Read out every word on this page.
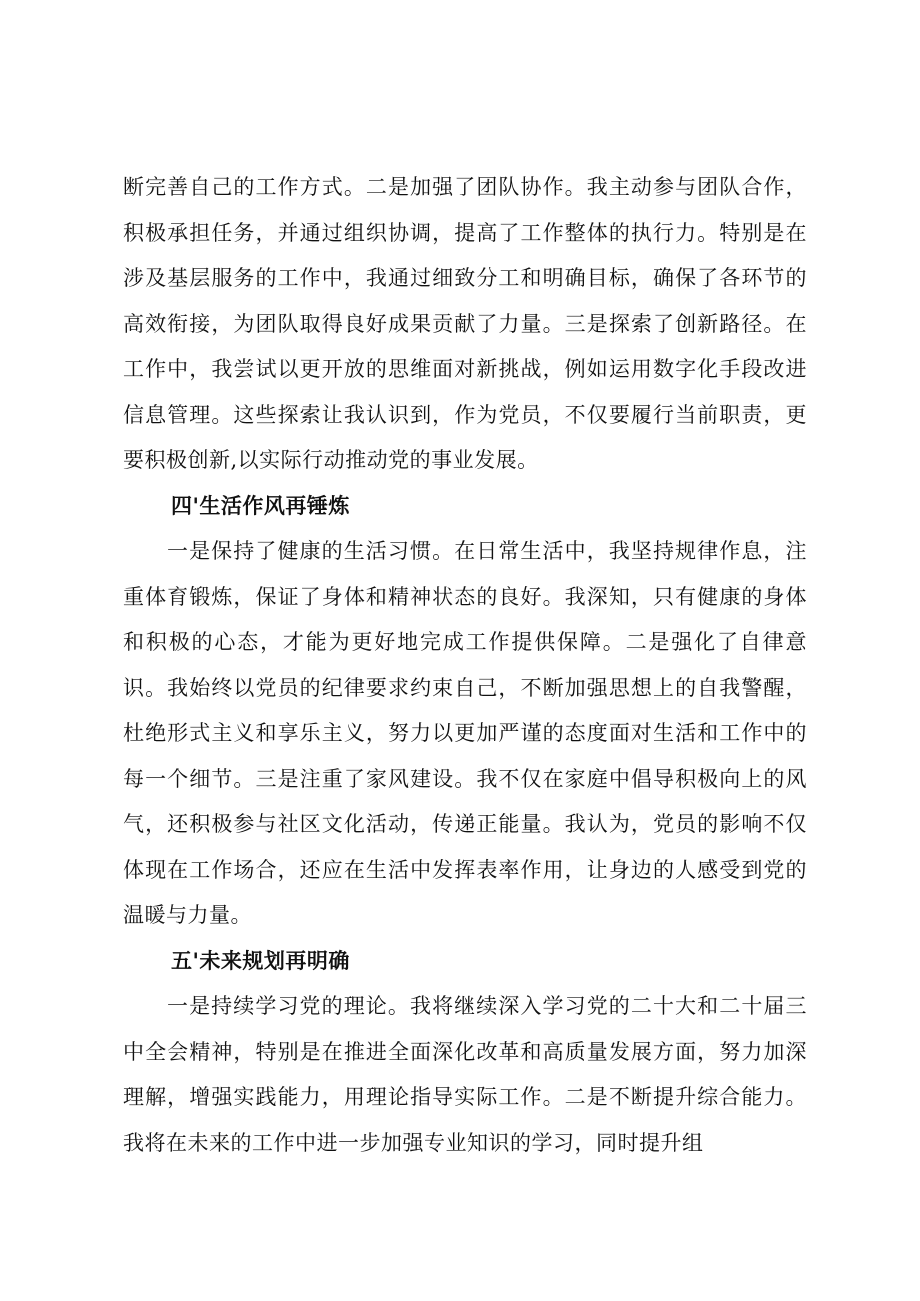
断完善自己的工作方式。二是加强了团队协作。我主动参与团队合作，积极承担任务，并通过组织协调，提高了工作整体的执行力。特别是在涉及基层服务的工作中，我通过细致分工和明确目标，确保了各环节的高效衔接，为团队取得良好成果贡献了力量。三是探索了创新路径。在工作中，我尝试以更开放的思维面对新挑战，例如运用数字化手段改进信息管理。这些探索让我认识到，作为党员，不仅要履行当前职责，更要积极创新,以实际行动推动党的事业发展。

四'生活作风再锤炼

一是保持了健康的生活习惯。在日常生活中，我坚持规律作息，注重体育锻炼，保证了身体和精神状态的良好。我深知，只有健康的身体和积极的心态，才能为更好地完成工作提供保障。二是强化了自律意识。我始终以党员的纪律要求约束自己，不断加强思想上的自我警醒，杜绝形式主义和享乐主义，努力以更加严谨的态度面对生活和工作中的每一个细节。三是注重了家风建设。我不仅在家庭中倡导积极向上的风气，还积极参与社区文化活动，传递正能量。我认为，党员的影响不仅体现在工作场合，还应在生活中发挥表率作用，让身边的人感受到党的温暖与力量。

五'未来规划再明确

一是持续学习党的理论。我将继续深入学习党的二十大和二十届三中全会精神，特别是在推进全面深化改革和高质量发展方面，努力加深理解，增强实践能力，用理论指导实际工作。二是不断提升综合能力。我将在未来的工作中进一步加强专业知识的学习，同时提升组
